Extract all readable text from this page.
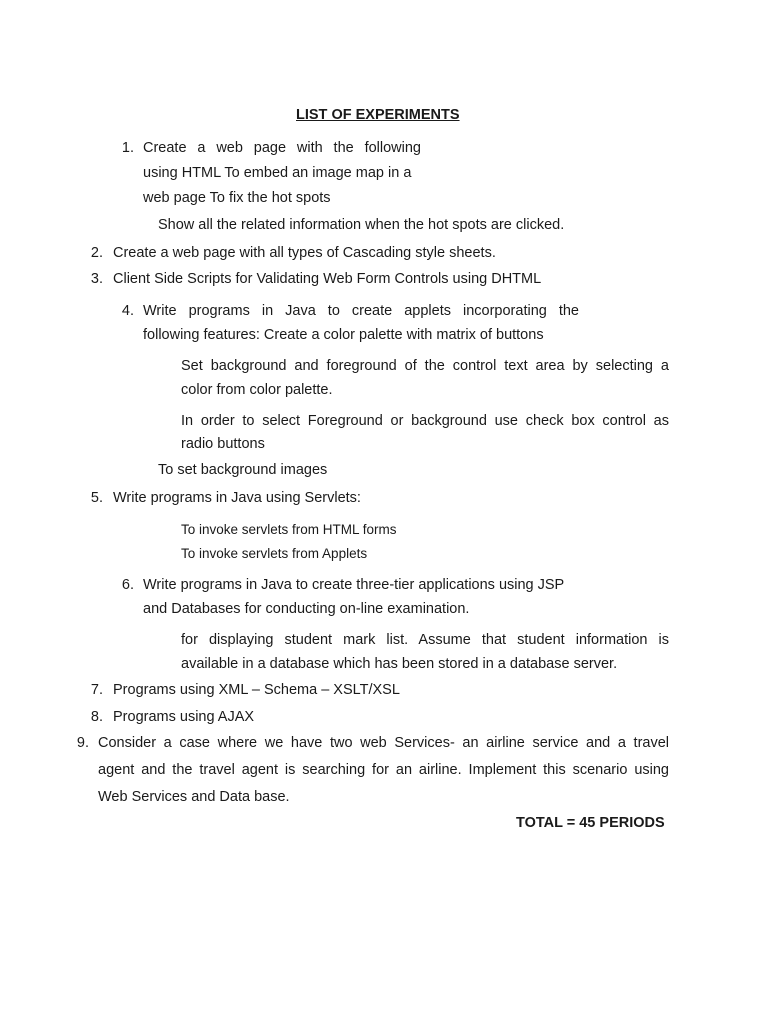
LIST OF EXPERIMENTS
1. Create a web page with the following
using HTML To embed an image map in a
web page To fix the hot spots
Show all the related information when the hot spots are clicked.
2. Create a web page with all types of Cascading style sheets.
3. Client Side Scripts for Validating Web Form Controls using DHTML
4. Write programs in Java to create applets incorporating the
following features: Create a color palette with matrix of buttons
Set background and foreground of the control text area by selecting a
color from color palette.
In order to select Foreground or background use check box control as
radio buttons
To set background images
5. Write programs in Java using Servlets:
To invoke servlets from HTML forms
To invoke servlets from Applets
6. Write programs in Java to create three-tier applications using JSP
and Databases for conducting on-line examination.
for displaying student mark list. Assume that student information is
available in a database which has been stored in a database server.
7. Programs using XML – Schema – XSLT/XSL
8. Programs using AJAX
9. Consider a case where we have two web Services- an airline service and a travel
agent and the travel agent is searching for an airline. Implement this scenario using
Web Services and Data base.
TOTAL = 45 PERIODS
